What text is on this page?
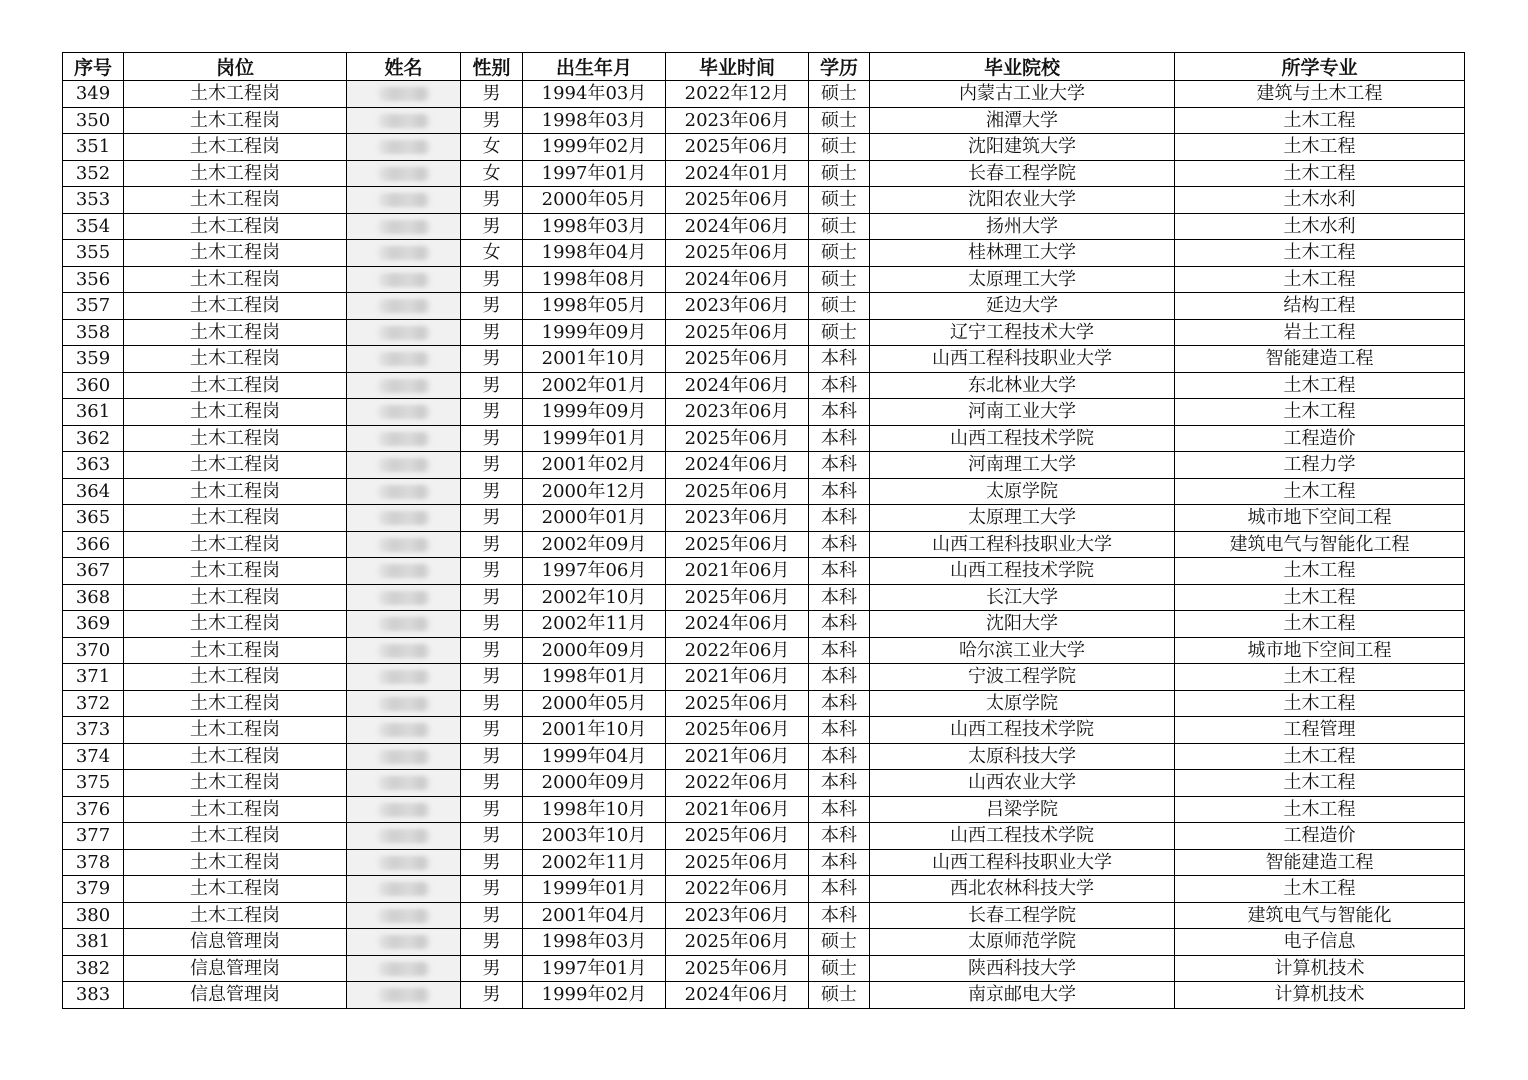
序号	岗位	姓名	性别	出生年月	毕业时间	学历	毕业院校	所学专业
349	土木工程岗		男	1994年03月	2022年12月	硕士	内蒙古工业大学	建筑与土木工程
350	土木工程岗		男	1998年03月	2023年06月	硕士	湘潭大学	土木工程
351	土木工程岗		女	1999年02月	2025年06月	硕士	沈阳建筑大学	土木工程
352	土木工程岗		女	1997年01月	2024年01月	硕士	长春工程学院	土木工程
353	土木工程岗		男	2000年05月	2025年06月	硕士	沈阳农业大学	土木水利
354	土木工程岗		男	1998年03月	2024年06月	硕士	扬州大学	土木水利
355	土木工程岗		女	1998年04月	2025年06月	硕士	桂林理工大学	土木工程
356	土木工程岗		男	1998年08月	2024年06月	硕士	太原理工大学	土木工程
357	土木工程岗		男	1998年05月	2023年06月	硕士	延边大学	结构工程
358	土木工程岗		男	1999年09月	2025年06月	硕士	辽宁工程技术大学	岩土工程
359	土木工程岗		男	2001年10月	2025年06月	本科	山西工程科技职业大学	智能建造工程
360	土木工程岗		男	2002年01月	2024年06月	本科	东北林业大学	土木工程
361	土木工程岗		男	1999年09月	2023年06月	本科	河南工业大学	土木工程
362	土木工程岗		男	1999年01月	2025年06月	本科	山西工程技术学院	工程造价
363	土木工程岗		男	2001年02月	2024年06月	本科	河南理工大学	工程力学
364	土木工程岗		男	2000年12月	2025年06月	本科	太原学院	土木工程
365	土木工程岗		男	2000年01月	2023年06月	本科	太原理工大学	城市地下空间工程
366	土木工程岗		男	2002年09月	2025年06月	本科	山西工程科技职业大学	建筑电气与智能化工程
367	土木工程岗		男	1997年06月	2021年06月	本科	山西工程技术学院	土木工程
368	土木工程岗		男	2002年10月	2025年06月	本科	长江大学	土木工程
369	土木工程岗		男	2002年11月	2024年06月	本科	沈阳大学	土木工程
370	土木工程岗		男	2000年09月	2022年06月	本科	哈尔滨工业大学	城市地下空间工程
371	土木工程岗		男	1998年01月	2021年06月	本科	宁波工程学院	土木工程
372	土木工程岗		男	2000年05月	2025年06月	本科	太原学院	土木工程
373	土木工程岗		男	2001年10月	2025年06月	本科	山西工程技术学院	工程管理
374	土木工程岗		男	1999年04月	2021年06月	本科	太原科技大学	土木工程
375	土木工程岗		男	2000年09月	2022年06月	本科	山西农业大学	土木工程
376	土木工程岗		男	1998年10月	2021年06月	本科	吕梁学院	土木工程
377	土木工程岗		男	2003年10月	2025年06月	本科	山西工程技术学院	工程造价
378	土木工程岗		男	2002年11月	2025年06月	本科	山西工程科技职业大学	智能建造工程
379	土木工程岗		男	1999年01月	2022年06月	本科	西北农林科技大学	土木工程
380	土木工程岗		男	2001年04月	2023年06月	本科	长春工程学院	建筑电气与智能化
381	信息管理岗		男	1998年03月	2025年06月	硕士	太原师范学院	电子信息
382	信息管理岗		男	1997年01月	2025年06月	硕士	陕西科技大学	计算机技术
383	信息管理岗		男	1999年02月	2024年06月	硕士	南京邮电大学	计算机技术
